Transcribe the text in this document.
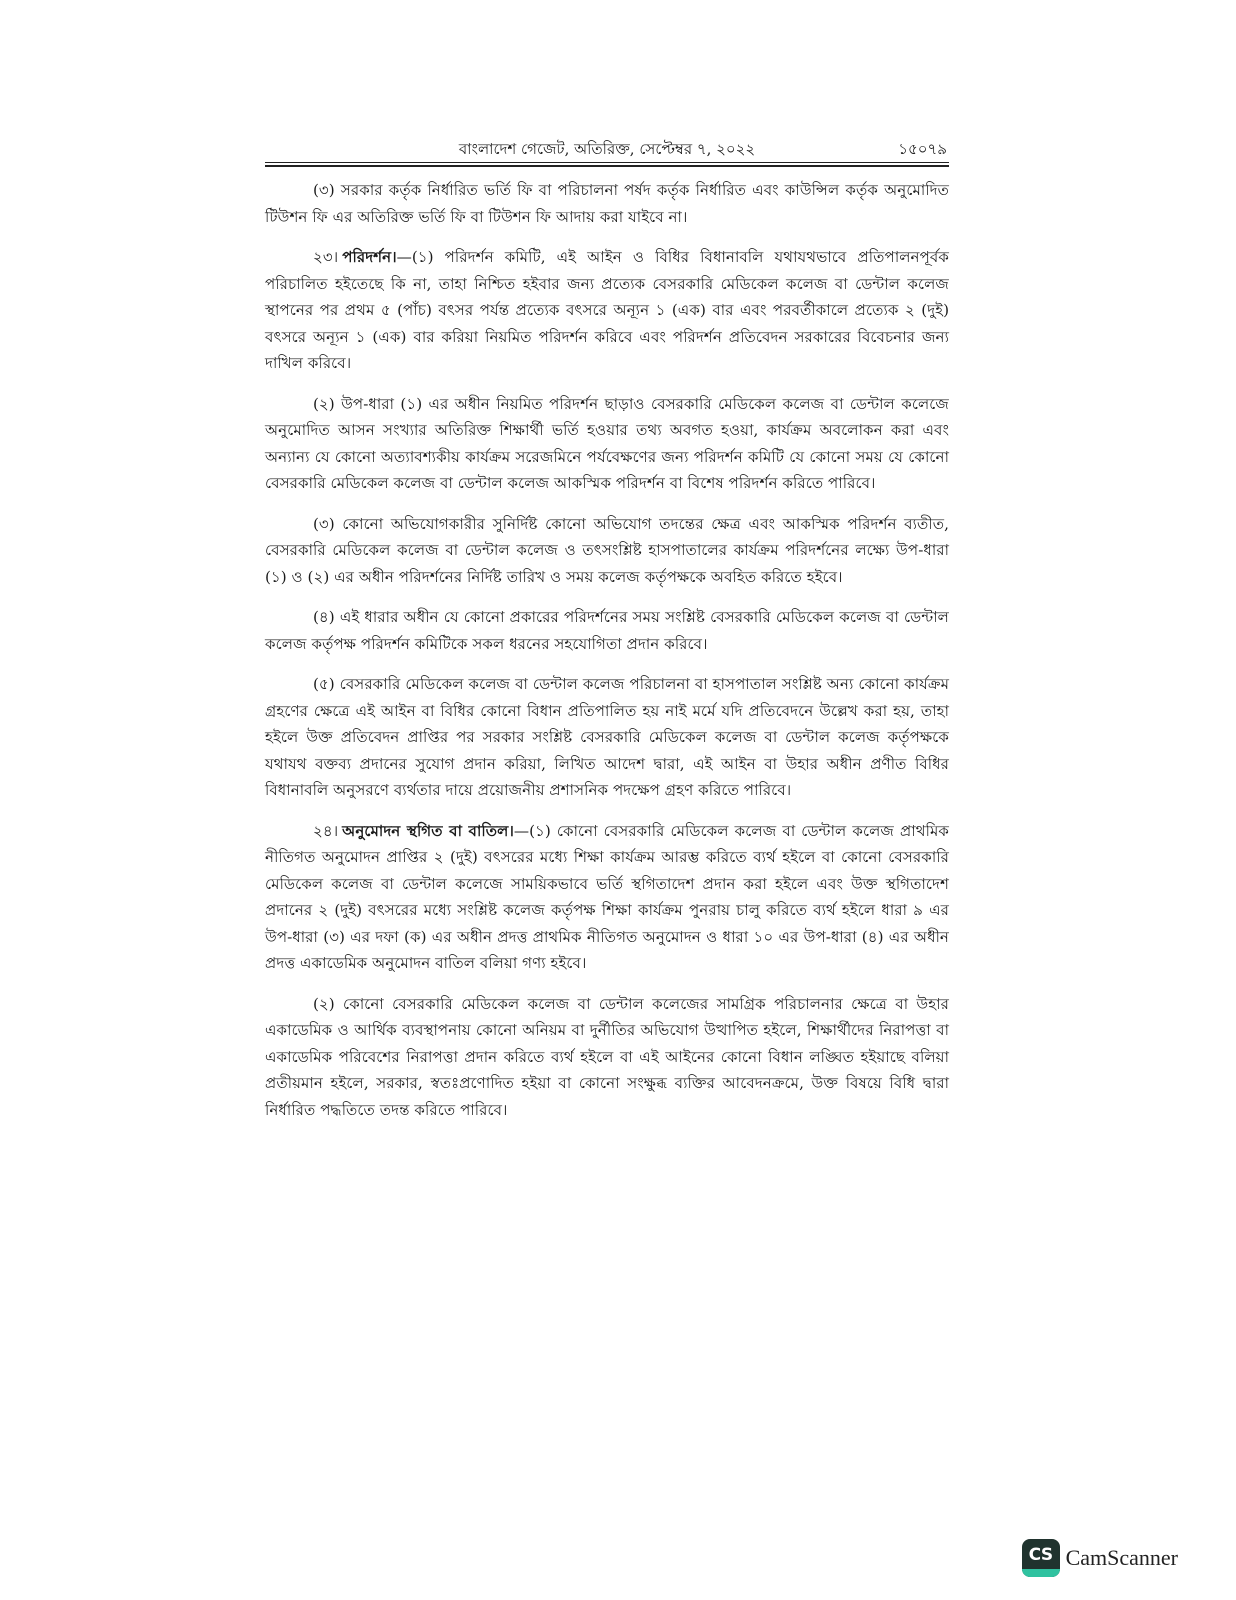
বাংলাদেশ গেজেট, অতিরিক্ত, সেপ্টেম্বর ৭, ২০২২	১৫০৭৯

(৩) সরকার কর্তৃক নির্ধারিত ভর্তি ফি বা পরিচালনা পর্ষদ কর্তৃক নির্ধারিত এবং কাউন্সিল কর্তৃক অনুমোদিত টিউশন ফি এর অতিরিক্ত ভর্তি ফি বা টিউশন ফি আদায় করা যাইবে না।

২৩। পরিদর্শন।—(১) পরিদর্শন কমিটি, এই আইন ও বিধির বিধানাবলি যথাযথভাবে প্রতিপালনপূর্বক পরিচালিত হইতেছে কি না, তাহা নিশ্চিত হইবার জন্য প্রত্যেক বেসরকারি মেডিকেল কলেজ বা ডেন্টাল কলেজ স্থাপনের পর প্রথম ৫ (পাঁচ) বৎসর পর্যন্ত প্রত্যেক বৎসরে অন্যূন ১ (এক) বার এবং পরবর্তীকালে প্রত্যেক ২ (দুই) বৎসরে অন্যূন ১ (এক) বার করিয়া নিয়মিত পরিদর্শন করিবে এবং পরিদর্শন প্রতিবেদন সরকারের বিবেচনার জন্য দাখিল করিবে।

(২) উপ-ধারা (১) এর অধীন নিয়মিত পরিদর্শন ছাড়াও বেসরকারি মেডিকেল কলেজ বা ডেন্টাল কলেজে অনুমোদিত আসন সংখ্যার অতিরিক্ত শিক্ষার্থী ভর্তি হওয়ার তথ্য অবগত হওয়া, কার্যক্রম অবলোকন করা এবং অন্যান্য যে কোনো অত্যাবশ্যকীয় কার্যক্রম সরেজমিনে পর্যবেক্ষণের জন্য পরিদর্শন কমিটি যে কোনো সময় যে কোনো বেসরকারি মেডিকেল কলেজ বা ডেন্টাল কলেজ আকস্মিক পরিদর্শন বা বিশেষ পরিদর্শন করিতে পারিবে।

(৩) কোনো অভিযোগকারীর সুনির্দিষ্ট কোনো অভিযোগ তদন্তের ক্ষেত্র এবং আকস্মিক পরিদর্শন ব্যতীত, বেসরকারি মেডিকেল কলেজ বা ডেন্টাল কলেজ ও তৎসংশ্লিষ্ট হাসপাতালের কার্যক্রম পরিদর্শনের লক্ষ্যে উপ-ধারা (১) ও (২) এর অধীন পরিদর্শনের নির্দিষ্ট তারিখ ও সময় কলেজ কর্তৃপক্ষকে অবহিত করিতে হইবে।

(৪) এই ধারার অধীন যে কোনো প্রকারের পরিদর্শনের সময় সংশ্লিষ্ট বেসরকারি মেডিকেল কলেজ বা ডেন্টাল কলেজ কর্তৃপক্ষ পরিদর্শন কমিটিকে সকল ধরনের সহযোগিতা প্রদান করিবে।

(৫) বেসরকারি মেডিকেল কলেজ বা ডেন্টাল কলেজ পরিচালনা বা হাসপাতাল সংশ্লিষ্ট অন্য কোনো কার্যক্রম গ্রহণের ক্ষেত্রে এই আইন বা বিধির কোনো বিধান প্রতিপালিত হয় নাই মর্মে যদি প্রতিবেদনে উল্লেখ করা হয়, তাহা হইলে উক্ত প্রতিবেদন প্রাপ্তির পর সরকার সংশ্লিষ্ট বেসরকারি মেডিকেল কলেজ বা ডেন্টাল কলেজ কর্তৃপক্ষকে যথাযথ বক্তব্য প্রদানের সুযোগ প্রদান করিয়া, লিখিত আদেশ দ্বারা, এই আইন বা উহার অধীন প্রণীত বিধির বিধানাবলি অনুসরণে ব্যর্থতার দায়ে প্রয়োজনীয় প্রশাসনিক পদক্ষেপ গ্রহণ করিতে পারিবে।

২৪। অনুমোদন স্থগিত বা বাতিল।—(১) কোনো বেসরকারি মেডিকেল কলেজ বা ডেন্টাল কলেজ প্রাথমিক নীতিগত অনুমোদন প্রাপ্তির ২ (দুই) বৎসরের মধ্যে শিক্ষা কার্যক্রম আরম্ভ করিতে ব্যর্থ হইলে বা কোনো বেসরকারি মেডিকেল কলেজ বা ডেন্টাল কলেজে সাময়িকভাবে ভর্তি স্থগিতাদেশ প্রদান করা হইলে এবং উক্ত স্থগিতাদেশ প্রদানের ২ (দুই) বৎসরের মধ্যে সংশ্লিষ্ট কলেজ কর্তৃপক্ষ শিক্ষা কার্যক্রম পুনরায় চালু করিতে ব্যর্থ হইলে ধারা ৯ এর উপ-ধারা (৩) এর দফা (ক) এর অধীন প্রদত্ত প্রাথমিক নীতিগত অনুমোদন ও ধারা ১০ এর উপ-ধারা (৪) এর অধীন প্রদত্ত একাডেমিক অনুমোদন বাতিল বলিয়া গণ্য হইবে।

(২) কোনো বেসরকারি মেডিকেল কলেজ বা ডেন্টাল কলেজের সামগ্রিক পরিচালনার ক্ষেত্রে বা উহার একাডেমিক ও আর্থিক ব্যবস্থাপনায় কোনো অনিয়ম বা দুর্নীতির অভিযোগ উত্থাপিত হইলে, শিক্ষার্থীদের নিরাপত্তা বা একাডেমিক পরিবেশের নিরাপত্তা প্রদান করিতে ব্যর্থ হইলে বা এই আইনের কোনো বিধান লঙ্ঘিত হইয়াছে বলিয়া প্রতীয়মান হইলে, সরকার, স্বতঃপ্রণোদিত হইয়া বা কোনো সংক্ষুব্ধ ব্যক্তির আবেদনক্রমে, উক্ত বিষয়ে বিধি দ্বারা নির্ধারিত পদ্ধতিতে তদন্ত করিতে পারিবে।

CS CamScanner
